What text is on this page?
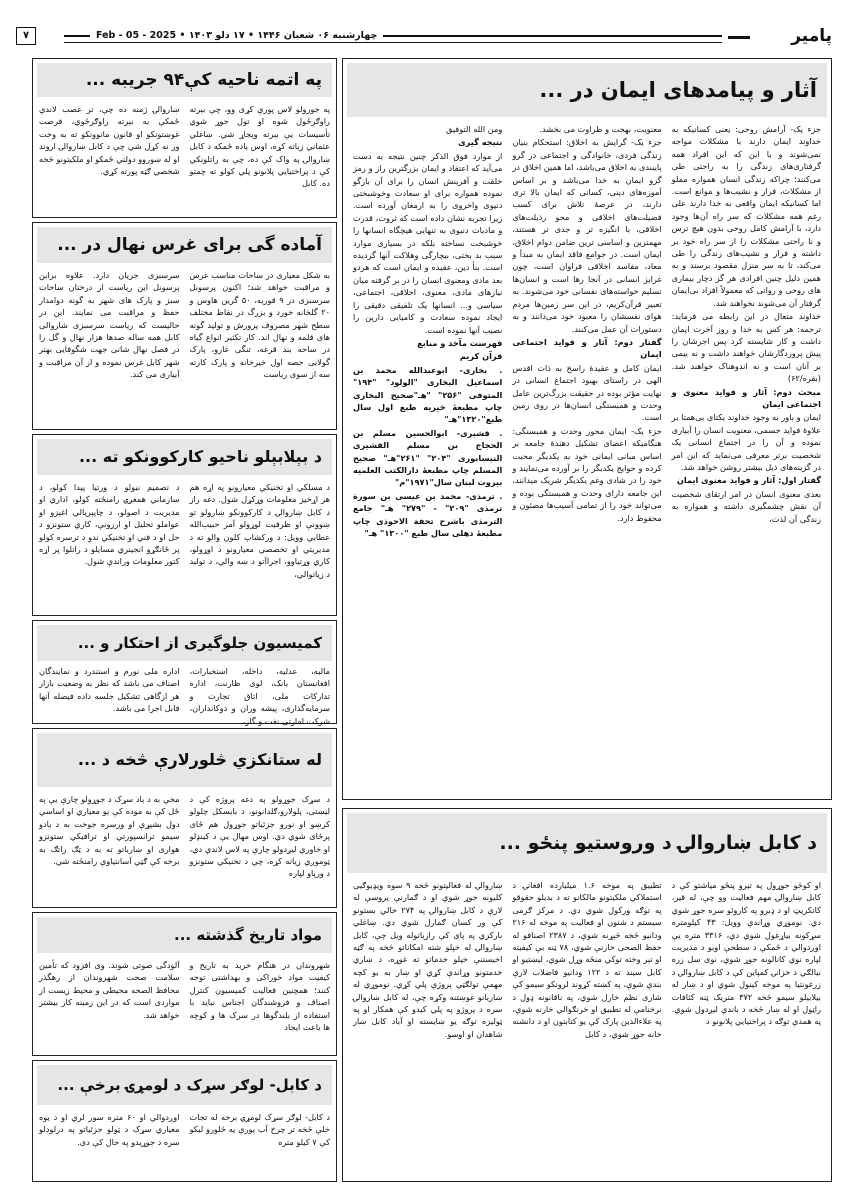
پامیر
چهارشنبه ۰۶ شعبان ۱۴۴۶ • ۱۷ دلو ۱۴۰۳ • Feb - 05 - 2025
۷
آثار و پیامدهای ایمان در ...

جزء یک- آرامش روحی: یعنی کسانیکه به خداوند ایمان دارند با مشکلات مواجه نمی‌شوند و یا این که این افراد همه گرفتاری‌های زندگی را به راحتی طی می‌کنند؛ چراکه زندگی انسان همواره مملو از مشکلات، فراز و نشیب‌ها و موانع است. اما کسانیکه ایمان واقعی به خدا دارند علی رغم همه مشکلات که سر راه آن‌ها وجود دارد، با آرامش کامل روحی بدون هیچ ترس و نا راحتی مشکلات را از سر راه خود بر داشته و فراز و نشیب‌های زندگی را طی می‌کند، تا به سر منزل مقصود برسند و به همین دلیل چنین افرادی هر گز دچار بیماری های روحی و روانی که معمولاً افراد بی‌ایمان گرفتار آن می‌شوند نخواهند شد.

خداوند متعال در این رابطه می فرماید: ترجمه: هر کس به خدا و روز آخرت ایمان داشت و کار شایسته کرد پس اجرشان را پیش پروردگارشان خواهند داشت و نه بیمی بر آنان است و نه اندوهناک خواهند شد.(بقره/۶۲)

مبحث دوم: آثار و فواید معنوی و اجتماعی ایمان

ایمان و باور به وجود خداوند یکتای بی‌همتا بر علاوهٔ فواید جسمی، معنویت انسان را آبیاری نموده و آن را در اجتماع انسانی یک شخصیت برتر معرفی می‌نماید که این امر در گزینه‌های ذیل بیشتر روشن خواهد شد.

گفتار اول: آثار و فواید معنوی ایمان

بعدی معنوی انسان در امر ارتقای شخصیت آن نقش چشمگیری داشته و همواره به زندگی آن لذت،

معنویت، بهجت و طراوت می بخشد.

جزء یک- گرایش به اخلاق: استحکام بنیان زندگی فردی، خانوادگی و اجتماعی در گرو پایبندی به اخلاق می‌باشد، اما همین اخلاق در گرو ایمان به خدا می‌باشد و بر اساس آموزه‌های دینی، کسانی که ایمان بالا تری دارند، در عرصهٔ تلاش برای کسب فضیلت‌های اخلاقی و محو رذیلت‌های اخلاقی، با انگیزه تر و جدی تر هستند، مهمترین و اساسی ترین ضامن دوام اخلاق، ایمان است. در جوامع فاقد ایمان به مبدأ و معاد، مفاسد اخلاقی فراوان است، چون غرایز انسانی در آنجا رها است و انسان‌ها تسلیم خواسته‌های نفسانی خود می‌شوند. به تعبیر قرآن‌کریم، در این سر زمین‌ها مردم هوای نفسشان را معبود خود می‌دانند و به دستورات آن عمل می‌کنند.

گفتار دوم: آثار و فواید اجتماعی ایمان

ایمان کامل و عقیدهٔ راسخ به ذات اقدس الهی در راستای بهبود اجتماع انسانی در نهایت مؤثر بوده در حقیقت بزرگ‌ترین عامل وحدت و همبستگی انسان‌ها در روی زمین است.

جزء یک- ایمان محور وحدت و همبستگی: هنگامیکه اعضای تشکیل دهندهٔ جامعه بر اساس مبانی ایمانی خود به یکدیگر محبت کرده و حوایج یکدیگر را بر آورده می‌نمایند و خود را در شادی وغم یکدیگر شریک میدانند، این جامعه دارای وحدت و همبستگی بوده و می‌تواند خود را از تمامی آسیب‌ها مصئون و محفوظ دارد.

ومن الله التوفیق

نتیجه گیری

از موارد فوق الذکر چنین نتیجه به دست می‌آید که اعتقاد و ایمان بزرگترین راز و رمز خلقت و آفرینش انسان را برای آن بازگو نموده همواره برای او سعادت وخوشبختی دنیوی واخروی را به ارمغان آورده است. زیرا تجربه نشان داده است که ثروت، قدرت و مادیات دنیوی به تنهایی هیچگاه انسانها را خوشبخت نساخته بلکه در بسیاری موارد سبب بد بختی، بیچارگی وهلاکت آنها گردیده است. بنأ دین، عقیده و ایمان است که هردو بعد مادی ومعنوی انسان را در بر گرفته میان نیاز‌های مادی، معنوی، اخلاقی، اجتماعی، سیاسی و... انسانها یک تلفیقی دقیقی را ایجاد نموده سعادت و کامیابی دارین را نصیب آنها نموده است.

فهرست مآخذ و منابع

قرآن کریم

. بخاری- ابوعبدالله محمد بن اسماعیل البخاری "الولود" "۱۹۴" المتوفی "۲۵۶" "هـ"صحیح البخاری چاپ مطبعهٔ خیریه طبع اول سال طبع"۱۳۲۰"هـ"

. قشیری- ابوالحسین مسلم بن الحجاج بن مسلم القشیری النیسابوری "۲۰۴" "۲۶۱"هـ" صحیح المسلم چاپ مطبعهٔ دارالکتب العلمیه بیروت لبنان سال"۱۹۷۱"م"

. ترمذی- محمد بن عیسی بن سورة ترمذی "۲۰۹" - "۲۷۹" هـ" جامع الترمذی باشرح تحفة الاحوذی چاپ مطبعهٔ دهلی سال طبع "۱۳۰۰" هـ"

په اتمه ناحیه کې۹۴ جریبه ...
په جورولو لاس پورې کړی وو، چې بېرته راوګرځول شوه او تول جوړ شوي تأسیسات یې بېرته ویجاړ شي. ښاغلي عثماني زیاته کړه، اوس یاده ځمکه د کابل ښاروالۍ په واک کې ده، چې به راتلونکي کې د پراختیایي پلانونو پلي کولو ته چمتو ده. کابل
ښاروالۍ ژمنه ده چې، تر غصب لاندې ځمکې به بېرته راوګرځوي، فرصت غوښتونکو او قانون ماتوونکو ته به وخت ور نه کړل شي چې د کابل ښاروالۍ اروند او له ښوروو دولتي ځمکو او ملکیتونو څخه شخصي ګټه پورته کړي.
آماده گی برای غرس نهال در ...
به شکل معیاری در ساحات مناسب غرس و مراقبت خواهد شد؛ اکنون پرسونل سرسبزی در ۹ قوریه، ۵۰ گرین هاوس و ۲۰ گلخانه خورد و بزرگ در نقاط مختلف سطح شهر مصروف پرورش و تولید گونه های قلمه و نهال اند. کار تکثیر انواع گیاه در ساحه بند قرغه، تنگی غارو، پارک گولایی حصه اول خیرخانه و پارک کارته سه از سوی ریاست
سرسبزی جریان دارد. علاوه براین پرسونل این ریاست از درختان ساحات سبز و پارک های شهر به گونه دوامدار حفظ و مراقبت می نمایند. این در حالیست که ریاست سرسبزی شاروالی کابل همه ساله صدها هزار نهال و گل را در فصل نهال شانی جهت شگوفایی بهتر شهر کابل غرس نموده و از آن مراقبت و آبیاری می کند.
د بېلابېلو ناحیو کارکوونکو ته ...
د مسلکي او تخنیکي معیارونو په اړه هم هر اړخیز معلومات وړکړل شول. دغه راز د کابل ښاروالۍ د کارکوونکو ښارولو تو ښوونې او ظرفیت لوړولو آمر حبیب‌الله عطایي وویل: د ورکشاپ کلون والو ته د مدیریتي او تخصصي معیارونو د اوړولو، کاري وړتیاوو، اجراآتو د ښه والي، د تولید د زیاتوالي،
د تصمیم نیولو د ورتیا پیدا کولو، د سازماني همغږۍ رامنځته کولو، اداري او مدیریت د اصولو، د چاپېریالي اغېزو او عواملو تحلیل او ارزونې، کاري ستونزو د حل او د فني او تخنیکي ندو د ترسره کولو پر ځانګړو انجینري مسایلو د راتلوا پر اړه کتور معلومات وراندې شول.
کمیسیون جلوگیری از احتکار و ...
مالیه، عدلیه، داخله، استخبارات، افغانستان بانک، لوی ظارنت، اداره تدارکات ملی، اتاق تجارت و سرمایه‌گذاری، پیشه وران و دوکانداران، شرکت امارتی نفت و گاز،
اداره ملی نورم و استندرد و نمایندگان اصناف می باشد که نظر به وضعیت بازار هر ازگاهی تشکیل جلسه داده فیصله آنها قابل اجرا می باشد.
له ستانکزي څلورلارې څخه د ...
د سړک جوړولو په دغه پروژه کې د لیښتی، پلولارو،ګلدانونو، د بایسکل چلولو کرښو او نورو جزئیاتو جوړول هم ځای پرځای شوي دي. اوس مهال یې د کینډلو او خاورې لیږدولو چارې په لاس لاندې دي، ټوموږي زیاته کړه، چې د تخنیکي ستونزو د ورپاو لپاره
مخي به د یاد سړک د جوړولو چارې یې په ځل کې به موده کې یو معیاري او اساسي دول بشپړې او ورسره جوخت به د یادو سیمو ترانسپورتي او ترافیکي ستونزو هواری او ښارباتو ته به د ټګ راتګ به برخه کې ګټي آسانتیاوې رامنځته شي.
مواد تاریخ گذشته ...
شهروندان در هنگام خرید به تاریخ و کیفیت مواد خوراکی و بهداشتی توجه کنند؛ همچنین فعالیت کمیسیون کنترل اصناف و فروشندگان اجناس نباید با استفاده از بلندگوها در سرک ها و کوچه ها باعث ایجاد
آلودگی صوتی شوند. وی افزود که تأمین سلامت صحت شهروندان از رهگذر محافظ الصحه محیطی و محیط زیست از مواردی است که در این زمینه کار بیشتر خواهد شد.
د کابل- لوګر سړک د لومړۍ برخې ...
د کابل- لوګر سړک لومړۍ برخه له تجات خلې څخه تر چرخ آب پورې یه څلورو لیکو کې ۷ کیلو متره
اوږدوالي او ۶۰ متره سور لري او د یوه معیاري سړک د ټولو جزئیاتو په درلودلو سره د جوړیدو په حال کې دی.
د کابل ښاروالۍ د وروستیو پنځو ...
او کوڅو جوړول په تیرو پنځو میاشتو کې د کابل ښاروالۍ مهم فعالیت وو چې، له قیر، کانکریټ او د ډبرو په کاروئو سره جوړ شوي دي. نوموړي وړاندې وویل: ۴۳ کیلومتره سړکونه بیاړغول شوي دي، ۳۳۱۶ متره یې اوږدوالي د ځمکې د سطحې اوبو د مدیریت لپاره نوي کانالونه جوړ شوي، نوی سل زره نیالګي د خزانۍ کمپاین کې د کابل ښاروالۍ د زرغونتیا په موخه کینول شوي او د ښار له بیلابیلو سیمو څخه ۳۷۲ متریک ټنه کثافات راټول او له ښار څخه د باندې لیږدول شوي. په همدې توګه د پراختیایي پلانونو د
تطبیق په موخه ۱.۶ میلیارده افغانۍ د استملاکي ملکیتونو مالکانو ته د بدیلو حقوقو په توګه ورکول شوي دي. د مرکز ګرمی سیستم د شتون او فعالیت په موخه له ۲۱۶ ودانیو څخه څېړنه شوې، د ۲۳۸۷ اصنافو له حفظ الصحی خارنې شوي، ۷۸ ټنه بې کیفیته او تېر وخته توکي منځه وړل شوي، لیښتیو او کابل سیند ته د ۱۲۲ ودانیو فاضلاب لارې بندې شوې، په کښته کړوند لرونکو سیمو کې شاری نظم خارل شوي، په ناقانونه ډول د نرخنامې له تطبیق او خرنګوالي خارنه شوې، په علاءالدین پارک کې یو کتابتون او د دانشنه خانه جوړ شوي، د کابل
ښاروالۍ له فعالیتونو څخه ۹ سوه ویډیوګیی کلیونه جوړ شوي او د ګمارنې پروسې له لارې د کابل ښاروالۍ په ۲۷۴ خالي بستونو کې ور کسان ګمارل شوي دي. ښاغلي بارکزي په پای کې رازیاتوله ویل چې، کابل ښاروالۍ له خپلو شته امکاناتو څخه په ګټه اخیستنې خپلو خدماتو ته غوړه، د ښاري خدمتونو وړاندې کړي او ښار به یو کچه مهمې تولګټي پروژې پلي کړي. نوموړي له ښاریانو غوښتنه وکړه چې، له کابل ښاروالۍ سره د پروژو په پلي کیدو کې همکار او په ټولیزه توګه یو ښایسته او آباد کابل ښار شاهدان او اوسو.
